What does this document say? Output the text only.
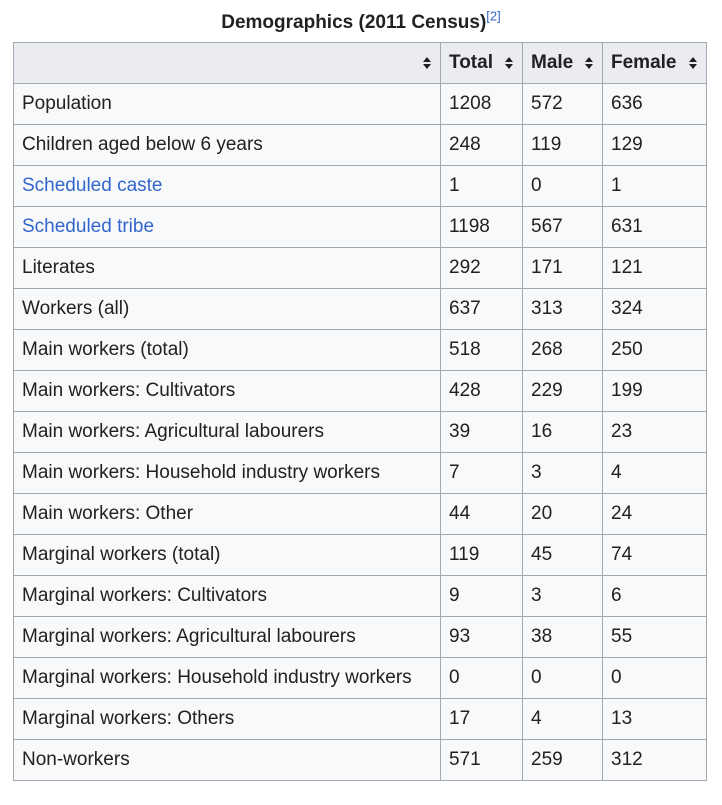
Demographics (2011 Census)[2]

	Total	Male	Female

Population	1208	572	636
Children aged below 6 years	248	119	129
Scheduled caste	1	0	1
Scheduled tribe	1198	567	631
Literates	292	171	121
Workers (all)	637	313	324
Main workers (total)	518	268	250
Main workers: Cultivators	428	229	199
Main workers: Agricultural labourers	39	16	23
Main workers: Household industry workers	7	3	4
Main workers: Other	44	20	24
Marginal workers (total)	119	45	74
Marginal workers: Cultivators	9	3	6
Marginal workers: Agricultural labourers	93	38	55
Marginal workers: Household industry workers	0	0	0
Marginal workers: Others	17	4	13
Non-workers	571	259	312
